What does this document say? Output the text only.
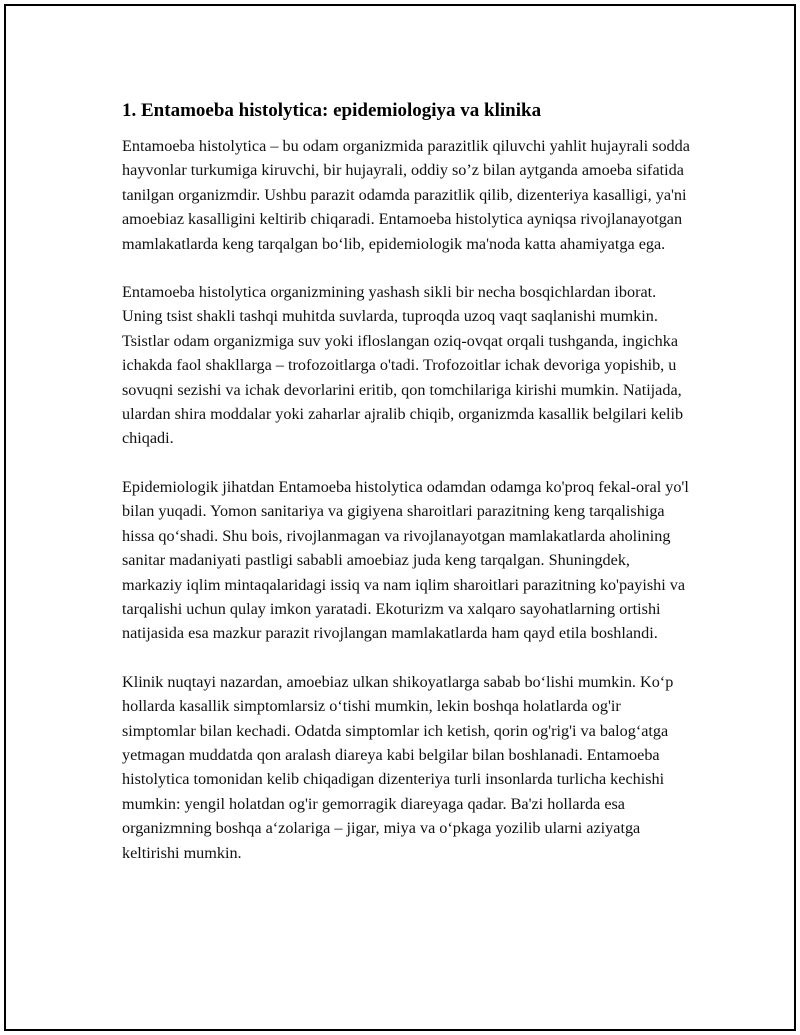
1. Entamoeba histolytica: epidemiologiya va klinika

Entamoeba histolytica – bu odam organizmida parazitlik qiluvchi yahlit hujayrali sodda hayvonlar turkumiga kiruvchi, bir hujayrali, oddiy so’z bilan aytganda amoeba sifatida tanilgan organizmdir. Ushbu parazit odamda parazitlik qilib, dizenteriya kasalligi, ya'ni amoebiaz kasalligini keltirib chiqaradi. Entamoeba histolytica ayniqsa rivojlanayotgan mamlakatlarda keng tarqalgan bo‘lib, epidemiologik ma'noda katta ahamiyatga ega.

Entamoeba histolytica organizmining yashash sikli bir necha bosqichlardan iborat. Uning tsist shakli tashqi muhitda suvlarda, tuproqda uzoq vaqt saqlanishi mumkin. Tsistlar odam organizmiga suv yoki ifloslangan oziq-ovqat orqali tushganda, ingichka ichakda faol shakllarga – trofozoitlarga o'tadi. Trofozoitlar ichak devoriga yopishib, u sovuqni sezishi va ichak devorlarini eritib, qon tomchilariga kirishi mumkin. Natijada, ulardan shira moddalar yoki zaharlar ajralib chiqib, organizmda kasallik belgilari kelib chiqadi.

Epidemiologik jihatdan Entamoeba histolytica odamdan odamga ko'proq fekal-oral yo'l bilan yuqadi. Yomon sanitariya va gigiyena sharoitlari parazitning keng tarqalishiga hissa qo‘shadi. Shu bois, rivojlanmagan va rivojlanayotgan mamlakatlarda aholining sanitar madaniyati pastligi sababli amoebiaz juda keng tarqalgan. Shuningdek, markaziy iqlim mintaqalaridagi issiq va nam iqlim sharoitlari parazitning ko'payishi va tarqalishi uchun qulay imkon yaratadi. Ekoturizm va xalqaro sayohatlarning ortishi natijasida esa mazkur parazit rivojlangan mamlakatlarda ham qayd etila boshlandi.

Klinik nuqtayi nazardan, amoebiaz ulkan shikoyatlarga sabab bo‘lishi mumkin. Ko‘p hollarda kasallik simptomlarsiz o‘tishi mumkin, lekin boshqa holatlarda og'ir simptomlar bilan kechadi. Odatda simptomlar ich ketish, qorin og'rig'i va balog‘atga yetmagan muddatda qon aralash diareya kabi belgilar bilan boshlanadi. Entamoeba histolytica tomonidan kelib chiqadigan dizenteriya turli insonlarda turlicha kechishi mumkin: yengil holatdan og'ir gemorragik diareyaga qadar. Ba'zi hollarda esa organizmning boshqa a‘zolariga – jigar, miya va o‘pkaga yozilib ularni aziyatga keltirishi mumkin.
